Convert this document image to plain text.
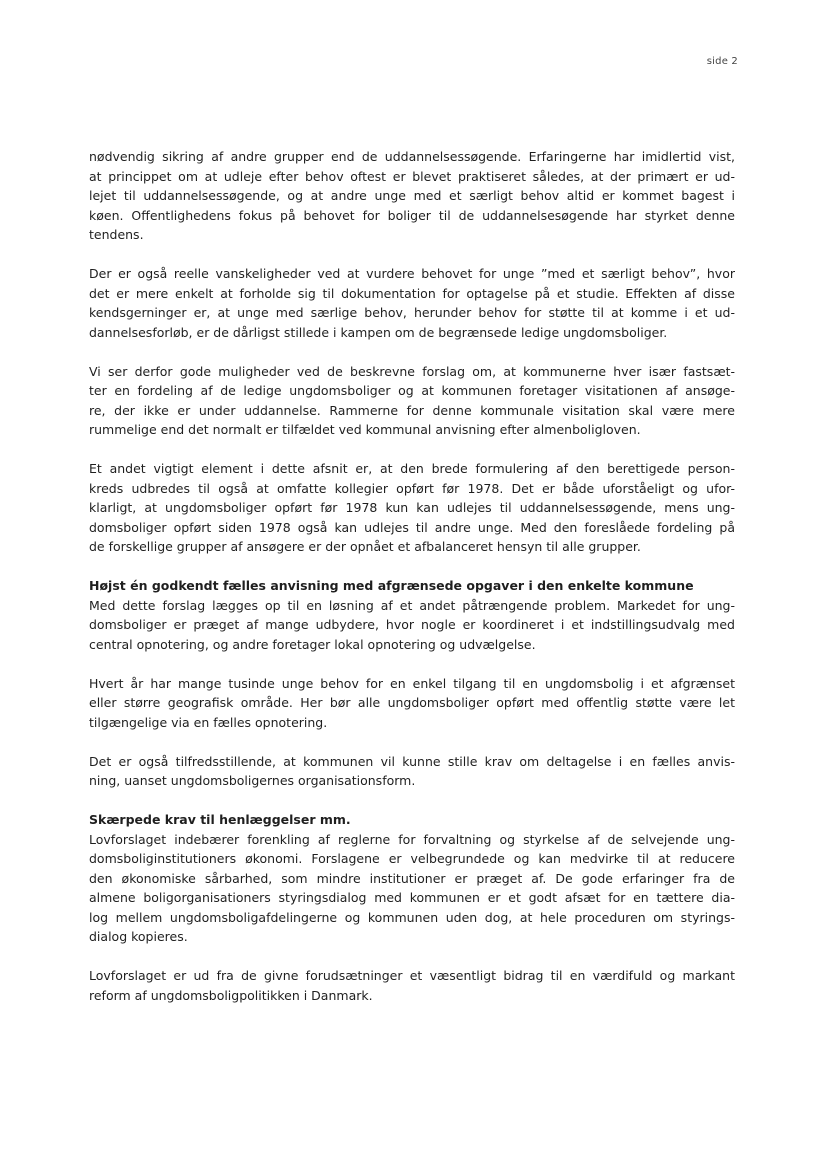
side 2
nødvendig sikring af andre grupper end de uddannelsessøgende. Erfaringerne har imidlertid vist,
at princippet om at udleje efter behov oftest er blevet praktiseret således, at der primært er ud-
lejet til uddannelsessøgende, og at andre unge med et særligt behov altid er kommet bagest i
køen. Offentlighedens fokus på behovet for boliger til de uddannelsesøgende har styrket denne
tendens.
Der er også reelle vanskeligheder ved at vurdere behovet for unge ”med et særligt behov”, hvor
det er mere enkelt at forholde sig til dokumentation for optagelse på et studie. Effekten af disse
kendsgerninger er, at unge med særlige behov, herunder behov for støtte til at komme i et ud-
dannelsesforløb, er de dårligst stillede i kampen om de begrænsede ledige ungdomsboliger.
Vi ser derfor gode muligheder ved de beskrevne forslag om, at kommunerne hver især fastsæt-
ter en fordeling af de ledige ungdomsboliger og at kommunen foretager visitationen af ansøge-
re, der ikke er under uddannelse. Rammerne for denne kommunale visitation skal være mere
rummelige end det normalt er tilfældet ved kommunal anvisning efter almenboligloven.
Et andet vigtigt element i dette afsnit er, at den brede formulering af den berettigede person-
kreds udbredes til også at omfatte kollegier opført før 1978. Det er både uforståeligt og ufor-
klarligt, at ungdomsboliger opført før 1978 kun kan udlejes til uddannelsessøgende, mens ung-
domsboliger opført siden 1978 også kan udlejes til andre unge. Med den foreslåede fordeling på
de forskellige grupper af ansøgere er der opnået et afbalanceret hensyn til alle grupper.
Højst én godkendt fælles anvisning med afgrænsede opgaver i den enkelte kommune
Med dette forslag lægges op til en løsning af et andet påtrængende problem. Markedet for ung-
domsboliger er præget af mange udbydere, hvor nogle er koordineret i et indstillingsudvalg med
central opnotering, og andre foretager lokal opnotering og udvælgelse.
Hvert år har mange tusinde unge behov for en enkel tilgang til en ungdomsbolig i et afgrænset
eller større geografisk område. Her bør alle ungdomsboliger opført med offentlig støtte være let
tilgængelige via en fælles opnotering.
Det er også tilfredsstillende, at kommunen vil kunne stille krav om deltagelse i en fælles anvis-
ning, uanset ungdomsboligernes organisationsform.
Skærpede krav til henlæggelser mm.
Lovforslaget indebærer forenkling af reglerne for forvaltning og styrkelse af de selvejende ung-
domsboliginstitutioners økonomi. Forslagene er velbegrundede og kan medvirke til at reducere
den økonomiske sårbarhed, som mindre institutioner er præget af. De gode erfaringer fra de
almene boligorganisationers styringsdialog med kommunen er et godt afsæt for en tættere dia-
log mellem ungdomsboligafdelingerne og kommunen uden dog, at hele proceduren om styrings-
dialog kopieres.
Lovforslaget er ud fra de givne forudsætninger et væsentligt bidrag til en værdifuld og markant
reform af ungdomsboligpolitikken i Danmark.
